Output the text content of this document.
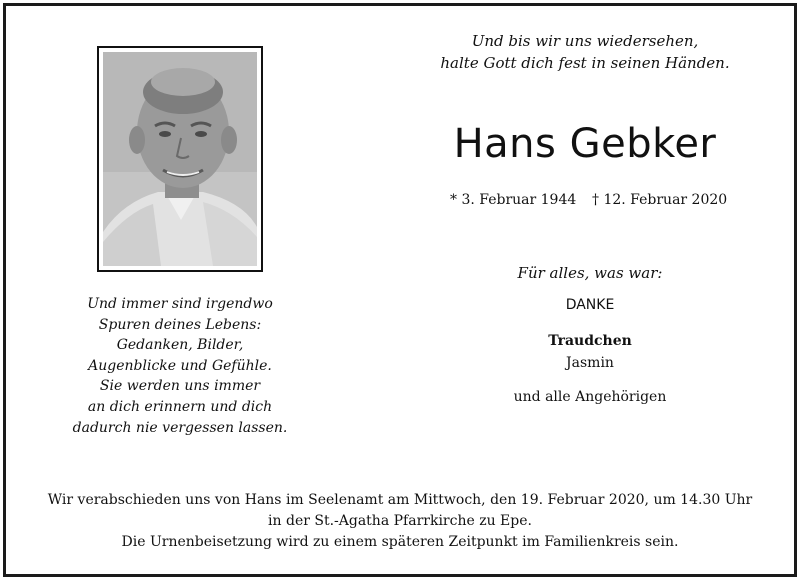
Und bis wir uns wiedersehen,
halte Gott dich fest in seinen Händen.
Hans Gebker
* 3. Februar 1944 † 12. Februar 2020
Für alles, was war:
DANKE
Traudchen
Jasmin
und alle Angehörigen
Und immer sind irgendwo
Spuren deines Lebens:
Gedanken, Bilder,
Augenblicke und Gefühle.
Sie werden uns immer
an dich erinnern und dich
dadurch nie vergessen lassen.
Wir verabschieden uns von Hans im Seelenamt am Mittwoch, den 19. Februar 2020, um 14.30 Uhr
in der St.-Agatha Pfarrkirche zu Epe.
Die Urnenbeisetzung wird zu einem späteren Zeitpunkt im Familienkreis sein.
